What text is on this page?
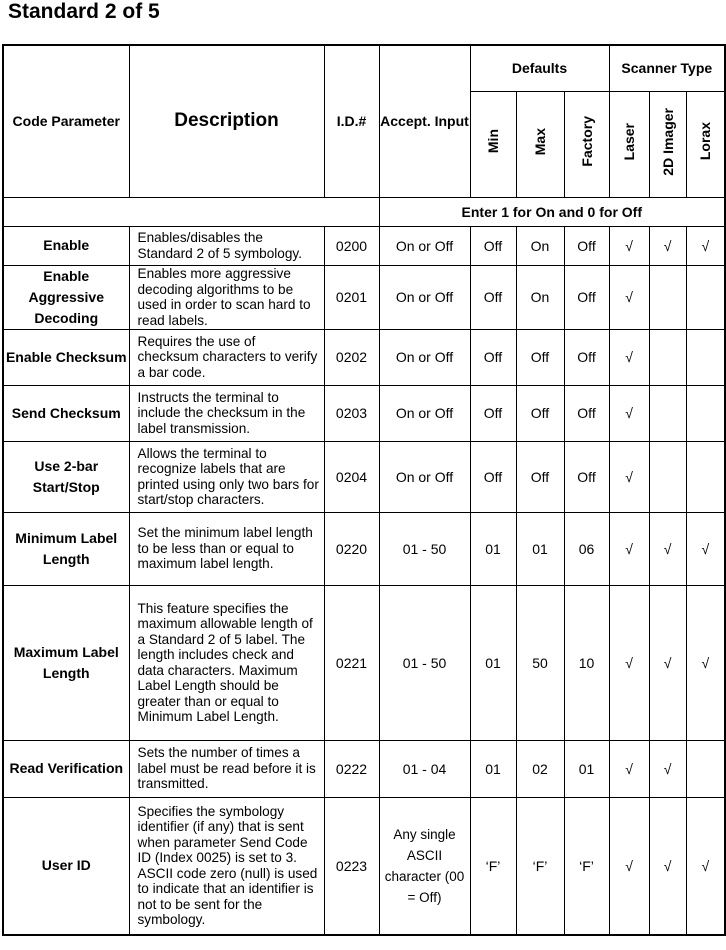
Standard 2 of 5
Code Parameter	Description	I.D.#	Accept. Input	Defaults			Scanner Type		
				Min	Max	Factory	Laser	2D Imager	Lorax
			Enter 1 for On and 0 for Off						
Enable	Enables/disables the Standard 2 of 5 symbology.	0200	On or Off	Off	On	Off	√	√	√
Enable Aggressive Decoding	Enables more aggressive decoding algorithms to be used in order to scan hard to read labels.	0201	On or Off	Off	On	Off	√		
Enable Checksum	Requires the use of checksum characters to verify a bar code.	0202	On or Off	Off	Off	Off	√		
Send Checksum	Instructs the terminal to include the checksum in the label transmission.	0203	On or Off	Off	Off	Off	√		
Use 2-bar Start/Stop	Allows the terminal to recognize labels that are printed using only two bars for start/stop characters.	0204	On or Off	Off	Off	Off	√		
Minimum Label Length	Set the minimum label length to be less than or equal to maximum label length.	0220	01 - 50	01	01	06	√	√	√
Maximum Label Length	This feature specifies the maximum allowable length of a Standard 2 of 5 label. The length includes check and data characters. Maximum Label Length should be greater than or equal to Minimum Label Length.	0221	01 - 50	01	50	10	√	√	√
Read Verification	Sets the number of times a label must be read before it is transmitted.	0222	01 - 04	01	02	01	√	√	
User ID	Specifies the symbology identifier (if any) that is sent when parameter Send Code ID (Index 0025) is set to 3. ASCII code zero (null) is used to indicate that an identifier is not to be sent for the symbology.	0223	Any single ASCII character (00 = Off)	‘F’	‘F’	‘F’	√	√	√
